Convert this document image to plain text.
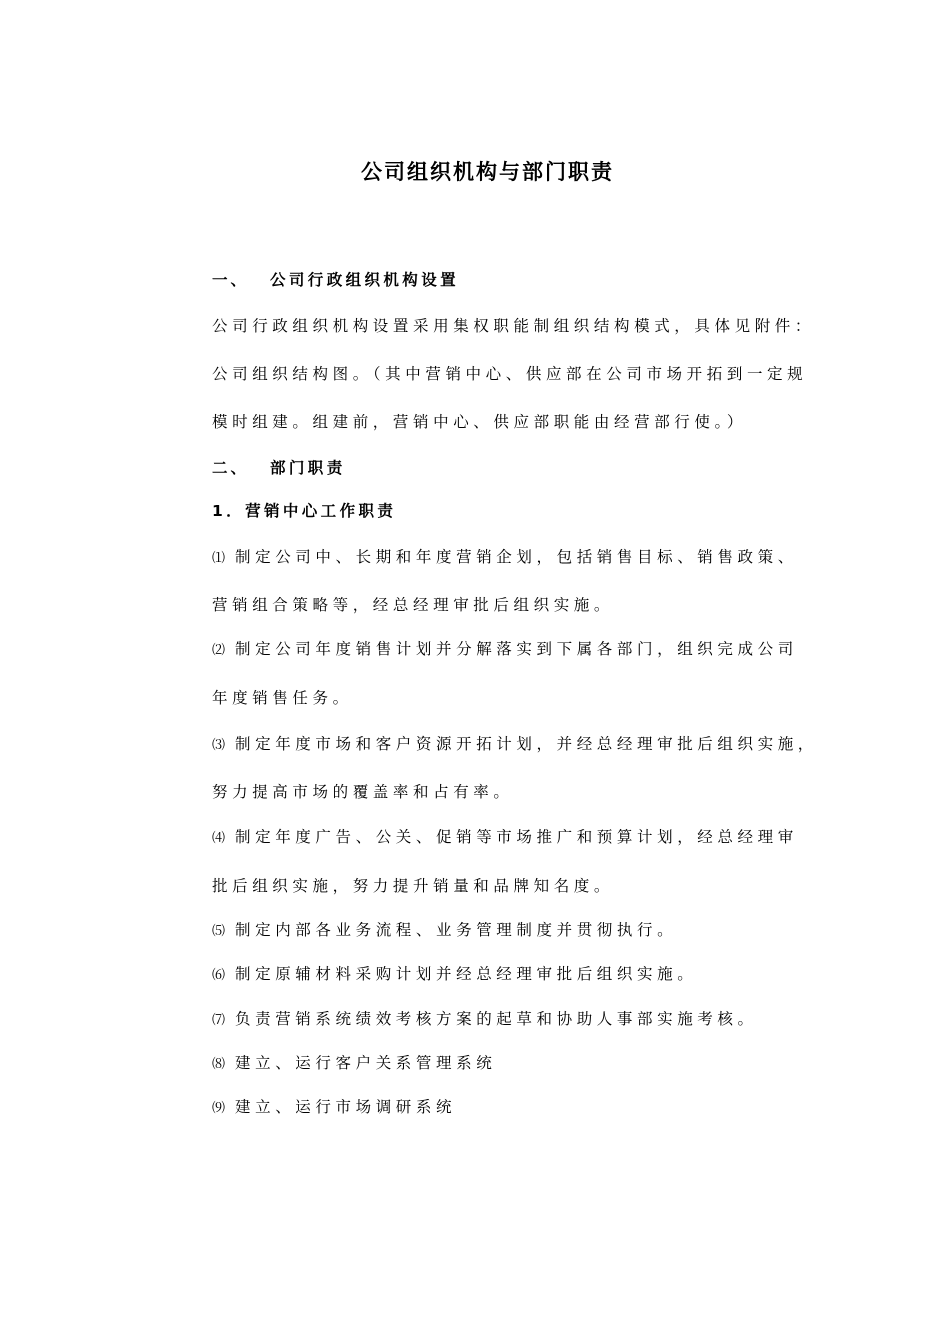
公司组织机构与部门职责
一、 公司行政组织机构设置
公司行政组织机构设置采用集权职能制组织结构模式，具体见附件：
公司组织结构图。（其中营销中心、供应部在公司市场开拓到一定规
模时组建。组建前，营销中心、供应部职能由经营部行使。）
二、 部门职责
1．营销中心工作职责
⑴ 制定公司中、长期和年度营销企划，包括销售目标、销售政策、
营销组合策略等，经总经理审批后组织实施。
⑵ 制定公司年度销售计划并分解落实到下属各部门，组织完成公司
年度销售任务。
⑶ 制定年度市场和客户资源开拓计划，并经总经理审批后组织实施，
努力提高市场的覆盖率和占有率。
⑷ 制定年度广告、公关、促销等市场推广和预算计划，经总经理审
批后组织实施，努力提升销量和品牌知名度。
⑸ 制定内部各业务流程、业务管理制度并贯彻执行。
⑹ 制定原辅材料采购计划并经总经理审批后组织实施。
⑺ 负责营销系统绩效考核方案的起草和协助人事部实施考核。
⑻ 建立、运行客户关系管理系统
⑼ 建立、运行市场调研系统
